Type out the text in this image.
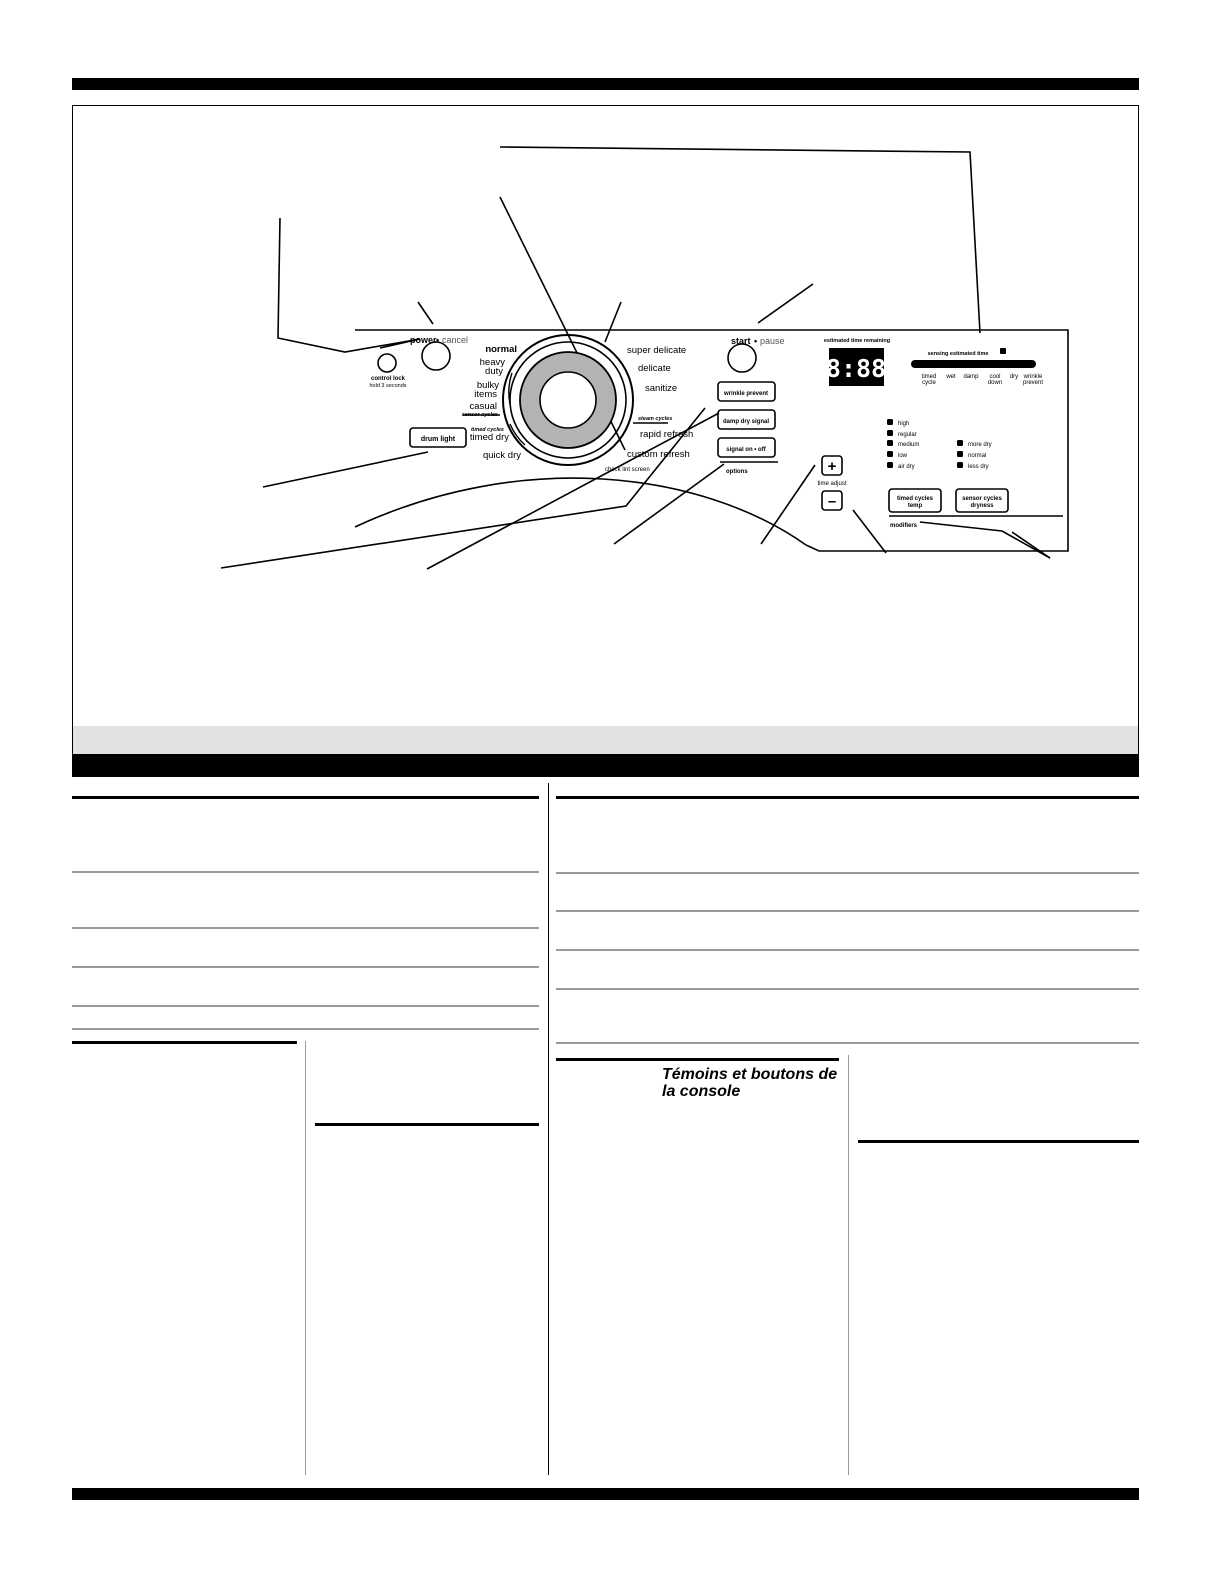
8:88
power • cancel
control lock
hold 3 seconds
drum light
normal
heavy
duty
bulky
items
casual
sensor cycles
timed cycles
timed dry
quick dry
super delicate
delicate
sanitize
steam cycles
rapid refresh
custom refresh
check lint screen
start • pause
wrinkle prevent
damp dry signal
signal on • off
options
estimated time remaining
sensing estimated time
timed
cycle
wet damp cool
down
dry wrinkle
prevent
+
time adjust
–
high
regular
medium
low
air dry
more dry
normal
less dry
timed cycles
temp
sensor cycles
dryness
modifiers
Témoins et boutons de la console
